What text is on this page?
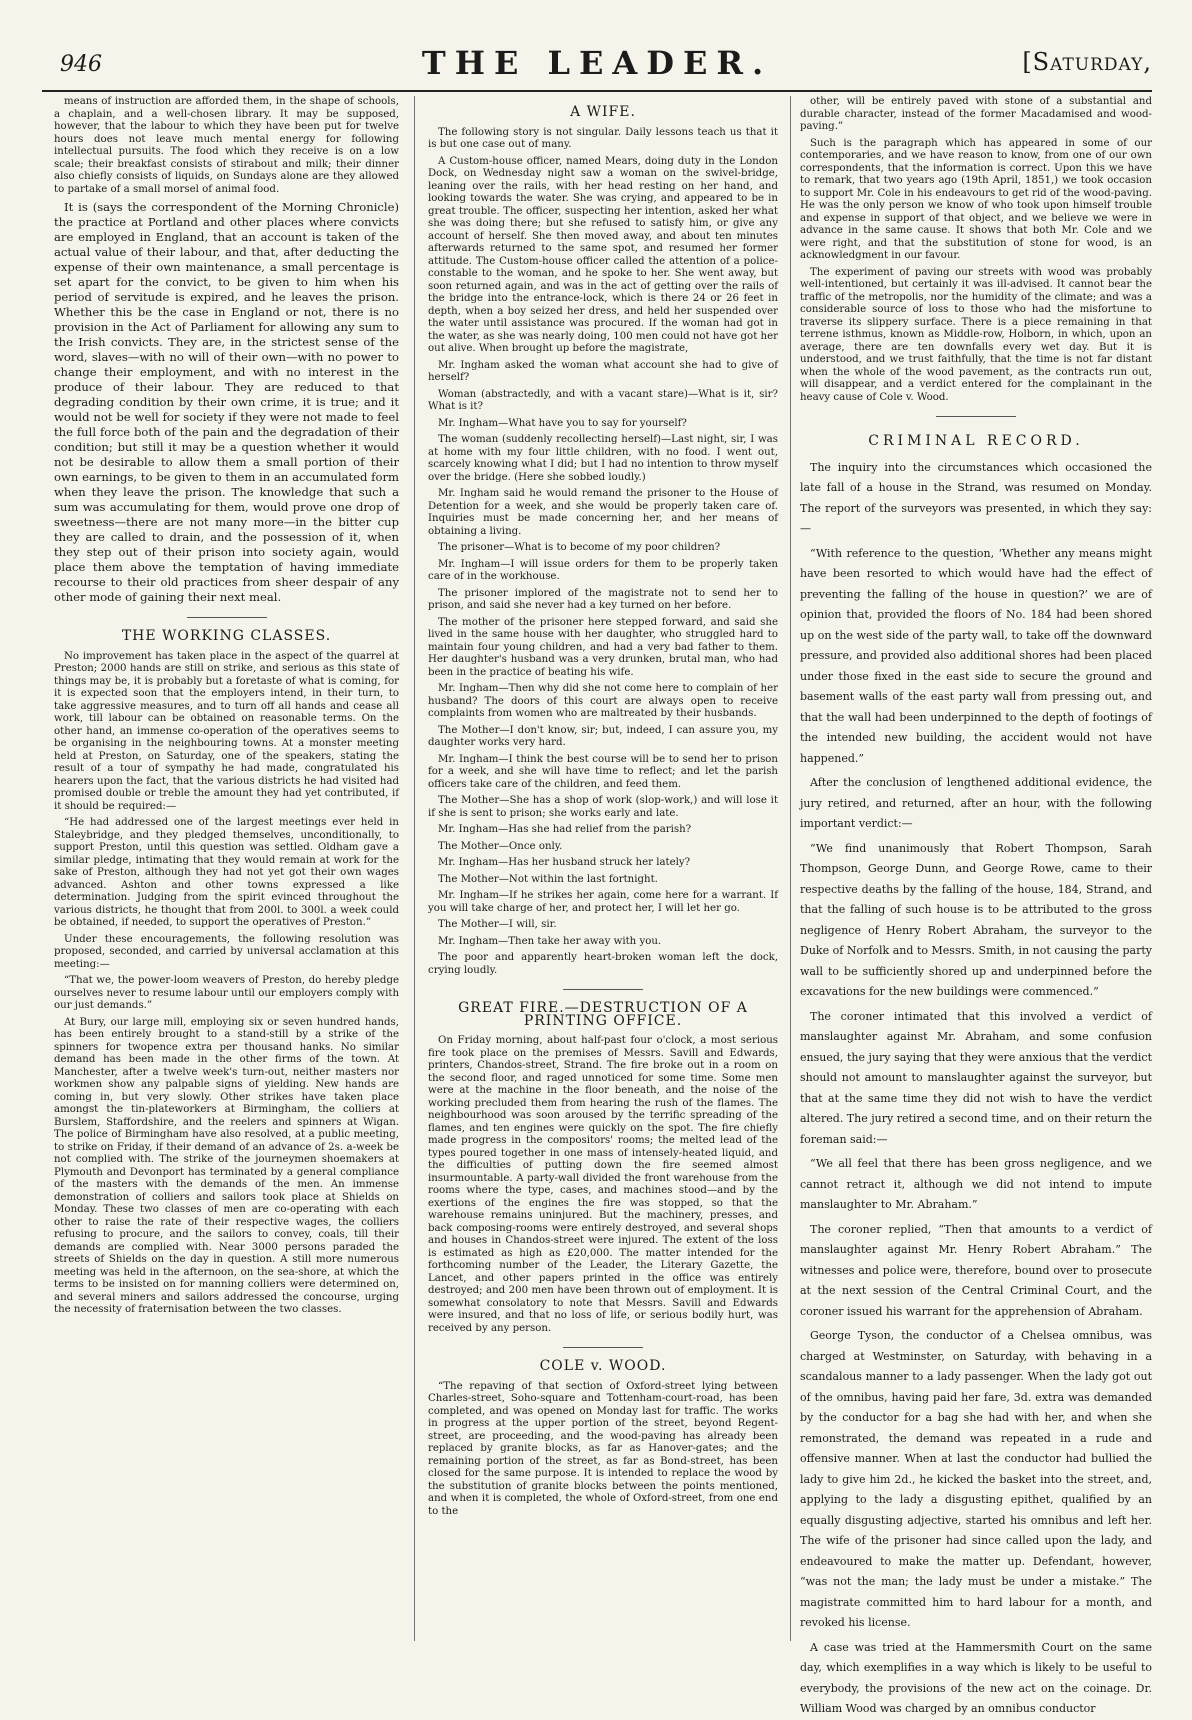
946	THE LEADER.	[Saturday,

means of instruction are afforded them, in the shape of schools, a chaplain, and a well-chosen library. It may be supposed, however, that the labour to which they have been put for twelve hours does not leave much mental energy for following intellectual pursuits. The food which they receive is on a low scale; their breakfast consists of stirabout and milk; their dinner also chiefly consists of liquids, on Sundays alone are they allowed to partake of a small morsel of animal food.

It is (says the correspondent of the Morning Chronicle) the practice at Portland and other places where convicts are employed in England, that an account is taken of the actual value of their labour, and that, after deducting the expense of their own maintenance, a small percentage is set apart for the convict, to be given to him when his period of servitude is expired, and he leaves the prison. Whether this be the case in England or not, there is no provision in the Act of Parliament for allowing any sum to the Irish convicts. They are, in the strictest sense of the word, slaves—with no will of their own—with no power to change their employment, and with no interest in the produce of their labour. They are reduced to that degrading condition by their own crime, it is true; and it would not be well for society if they were not made to feel the full force both of the pain and the degradation of their condition; but still it may be a question whether it would not be desirable to allow them a small portion of their own earnings, to be given to them in an accumulated form when they leave the prison. The knowledge that such a sum was accumulating for them, would prove one drop of sweetness—there are not many more—in the bitter cup they are called to drain, and the possession of it, when they step out of their prison into society again, would place them above the temptation of having immediate recourse to their old practices from sheer despair of any other mode of gaining their next meal.

THE WORKING CLASSES.

No improvement has taken place in the aspect of the quarrel at Preston; 2000 hands are still on strike, and serious as this state of things may be, it is probably but a foretaste of what is coming, for it is expected soon that the employers intend, in their turn, to take aggressive measures, and to turn off all hands and cease all work, till labour can be obtained on reasonable terms. On the other hand, an immense co-operation of the operatives seems to be organising in the neighbouring towns. At a monster meeting held at Preston, on Saturday, one of the speakers, stating the result of a tour of sympathy he had made, congratulated his hearers upon the fact, that the various districts he had visited had promised double or treble the amount they had yet contributed, if it should be required:—

“He had addressed one of the largest meetings ever held in Staleybridge, and they pledged themselves, unconditionally, to support Preston, until this question was settled. Oldham gave a similar pledge, intimating that they would remain at work for the sake of Preston, although they had not yet got their own wages advanced. Ashton and other towns expressed a like determination. Judging from the spirit evinced throughout the various districts, he thought that from 200l. to 300l. a week could be obtained, if needed, to support the operatives of Preston.”

Under these encouragements, the following resolution was proposed, seconded, and carried by universal acclamation at this meeting:—

“That we, the power-loom weavers of Preston, do hereby pledge ourselves never to resume labour until our employers comply with our just demands.”

At Bury, our large mill, employing six or seven hundred hands, has been entirely brought to a stand-still by a strike of the spinners for twopence extra per thousand hanks. No similar demand has been made in the other firms of the town. At Manchester, after a twelve week's turn-out, neither masters nor workmen show any palpable signs of yielding. New hands are coming in, but very slowly. Other strikes have taken place amongst the tin-plateworkers at Birmingham, the colliers at Burslem, Staffordshire, and the reelers and spinners at Wigan. The police of Birmingham have also resolved, at a public meeting, to strike on Friday, if their demand of an advance of 2s. a-week be not complied with. The strike of the journeymen shoemakers at Plymouth and Devonport has terminated by a general compliance of the masters with the demands of the men. An immense demonstration of colliers and sailors took place at Shields on Monday. These two classes of men are co-operating with each other to raise the rate of their respective wages, the colliers refusing to procure, and the sailors to convey, coals, till their demands are complied with. Near 3000 persons paraded the streets of Shields on the day in question. A still more numerous meeting was held in the afternoon, on the sea-shore, at which the terms to be insisted on for manning colliers were determined on, and several miners and sailors addressed the concourse, urging the necessity of fraternisation between the two classes.

A WIFE.

The following story is not singular. Daily lessons teach us that it is but one case out of many.

A Custom-house officer, named Mears, doing duty in the London Dock, on Wednesday night saw a woman on the swivel-bridge, leaning over the rails, with her head resting on her hand, and looking towards the water. She was crying, and appeared to be in great trouble. The officer, suspecting her intention, asked her what she was doing there; but she refused to satisfy him, or give any account of herself. She then moved away, and about ten minutes afterwards returned to the same spot, and resumed her former attitude. The Custom-house officer called the attention of a police-constable to the woman, and he spoke to her. She went away, but soon returned again, and was in the act of getting over the rails of the bridge into the entrance-lock, which is there 24 or 26 feet in depth, when a boy seized her dress, and held her suspended over the water until assistance was procured. If the woman had got in the water, as she was nearly doing, 100 men could not have got her out alive. When brought up before the magistrate,

Mr. Ingham asked the woman what account she had to give of herself?

Woman (abstractedly, and with a vacant stare)—What is it, sir? What is it?

Mr. Ingham—What have you to say for yourself?

The woman (suddenly recollecting herself)—Last night, sir, I was at home with my four little children, with no food. I went out, scarcely knowing what I did; but I had no intention to throw myself over the bridge. (Here she sobbed loudly.)

Mr. Ingham said he would remand the prisoner to the House of Detention for a week, and she would be properly taken care of. Inquiries must be made concerning her, and her means of obtaining a living.

The prisoner—What is to become of my poor children?

Mr. Ingham—I will issue orders for them to be properly taken care of in the workhouse.

The prisoner implored of the magistrate not to send her to prison, and said she never had a key turned on her before.

The mother of the prisoner here stepped forward, and said she lived in the same house with her daughter, who struggled hard to maintain four young children, and had a very bad father to them. Her daughter's husband was a very drunken, brutal man, who had been in the practice of beating his wife.

Mr. Ingham—Then why did she not come here to complain of her husband? The doors of this court are always open to receive complaints from women who are maltreated by their husbands.

The Mother—I don't know, sir; but, indeed, I can assure you, my daughter works very hard.

Mr. Ingham—I think the best course will be to send her to prison for a week, and she will have time to reflect; and let the parish officers take care of the children, and feed them.

The Mother—She has a shop of work (slop-work,) and will lose it if she is sent to prison; she works early and late.

Mr. Ingham—Has she had relief from the parish?

The Mother—Once only.

Mr. Ingham—Has her husband struck her lately?

The Mother—Not within the last fortnight.

Mr. Ingham—If he strikes her again, come here for a warrant. If you will take charge of her, and protect her, I will let her go.

The Mother—I will, sir.

Mr. Ingham—Then take her away with you.

The poor and apparently heart-broken woman left the dock, crying loudly.

GREAT FIRE.—DESTRUCTION OF A PRINTING OFFICE.

On Friday morning, about half-past four o'clock, a most serious fire took place on the premises of Messrs. Savill and Edwards, printers, Chandos-street, Strand. The fire broke out in a room on the second floor, and raged unnoticed for some time. Some men were at the machine in the floor beneath, and the noise of the working precluded them from hearing the rush of the flames. The neighbourhood was soon aroused by the terrific spreading of the flames, and ten engines were quickly on the spot. The fire chiefly made progress in the compositors' rooms; the melted lead of the types poured together in one mass of intensely-heated liquid, and the difficulties of putting down the fire seemed almost insurmountable. A party-wall divided the front warehouse from the rooms where the type, cases, and machines stood—and by the exertions of the engines the fire was stopped, so that the warehouse remains uninjured. But the machinery, presses, and back composing-rooms were entirely destroyed, and several shops and houses in Chandos-street were injured. The extent of the loss is estimated as high as £20,000. The matter intended for the forthcoming number of the Leader, the Literary Gazette, the Lancet, and other papers printed in the office was entirely destroyed; and 200 men have been thrown out of employment. It is somewhat consolatory to note that Messrs. Savill and Edwards were insured, and that no loss of life, or serious bodily hurt, was received by any person.

COLE v. WOOD.

“The repaving of that section of Oxford-street lying between Charles-street, Soho-square and Tottenham-court-road, has been completed, and was opened on Monday last for traffic. The works in progress at the upper portion of the street, beyond Regent-street, are proceeding, and the wood-paving has already been replaced by granite blocks, as far as Hanover-gates; and the remaining portion of the street, as far as Bond-street, has been closed for the same purpose. It is intended to replace the wood by the substitution of granite blocks between the points mentioned, and when it is completed, the whole of Oxford-street, from one end to the

other, will be entirely paved with stone of a substantial and durable character, instead of the former Macadamised and wood-paving.”

Such is the paragraph which has appeared in some of our contemporaries, and we have reason to know, from one of our own correspondents, that the information is correct. Upon this we have to remark, that two years ago (19th April, 1851,) we took occasion to support Mr. Cole in his endeavours to get rid of the wood-paving. He was the only person we know of who took upon himself trouble and expense in support of that object, and we believe we were in advance in the same cause. It shows that both Mr. Cole and we were right, and that the substitution of stone for wood, is an acknowledgment in our favour.

The experiment of paving our streets with wood was probably well-intentioned, but certainly it was ill-advised. It cannot bear the traffic of the metropolis, nor the humidity of the climate; and was a considerable source of loss to those who had the misfortune to traverse its slippery surface. There is a piece remaining in that terrene isthmus, known as Middle-row, Holborn, in which, upon an average, there are ten downfalls every wet day. But it is understood, and we trust faithfully, that the time is not far distant when the whole of the wood pavement, as the contracts run out, will disappear, and a verdict entered for the complainant in the heavy cause of Cole v. Wood.

CRIMINAL RECORD.

The inquiry into the circumstances which occasioned the late fall of a house in the Strand, was resumed on Monday. The report of the surveyors was presented, in which they say:—

“With reference to the question, ‘Whether any means might have been resorted to which would have had the effect of preventing the falling of the house in question?’ we are of opinion that, provided the floors of No. 184 had been shored up on the west side of the party wall, to take off the downward pressure, and provided also additional shores had been placed under those fixed in the east side to secure the ground and basement walls of the east party wall from pressing out, and that the wall had been underpinned to the depth of footings of the intended new building, the accident would not have happened.”

After the conclusion of lengthened additional evidence, the jury retired, and returned, after an hour, with the following important verdict:—

“We find unanimously that Robert Thompson, Sarah Thompson, George Dunn, and George Rowe, came to their respective deaths by the falling of the house, 184, Strand, and that the falling of such house is to be attributed to the gross negligence of Henry Robert Abraham, the surveyor to the Duke of Norfolk and to Messrs. Smith, in not causing the party wall to be sufficiently shored up and underpinned before the excavations for the new buildings were commenced.”

The coroner intimated that this involved a verdict of manslaughter against Mr. Abraham, and some confusion ensued, the jury saying that they were anxious that the verdict should not amount to manslaughter against the surveyor, but that at the same time they did not wish to have the verdict altered. The jury retired a second time, and on their return the foreman said:—

“We all feel that there has been gross negligence, and we cannot retract it, although we did not intend to impute manslaughter to Mr. Abraham.”

The coroner replied, “Then that amounts to a verdict of manslaughter against Mr. Henry Robert Abraham.” The witnesses and police were, therefore, bound over to prosecute at the next session of the Central Criminal Court, and the coroner issued his warrant for the apprehension of Abraham.

George Tyson, the conductor of a Chelsea omnibus, was charged at Westminster, on Saturday, with behaving in a scandalous manner to a lady passenger. When the lady got out of the omnibus, having paid her fare, 3d. extra was demanded by the conductor for a bag she had with her, and when she remonstrated, the demand was repeated in a rude and offensive manner. When at last the conductor had bullied the lady to give him 2d., he kicked the basket into the street, and, applying to the lady a disgusting epithet, qualified by an equally disgusting adjective, started his omnibus and left her. The wife of the prisoner had since called upon the lady, and endeavoured to make the matter up. Defendant, however, “was not the man; the lady must be under a mistake.” The magistrate committed him to hard labour for a month, and revoked his license.

A case was tried at the Hammersmith Court on the same day, which exemplifies in a way which is likely to be useful to everybody, the provisions of the new act on the coinage. Dr. William Wood was charged by an omnibus conductor
